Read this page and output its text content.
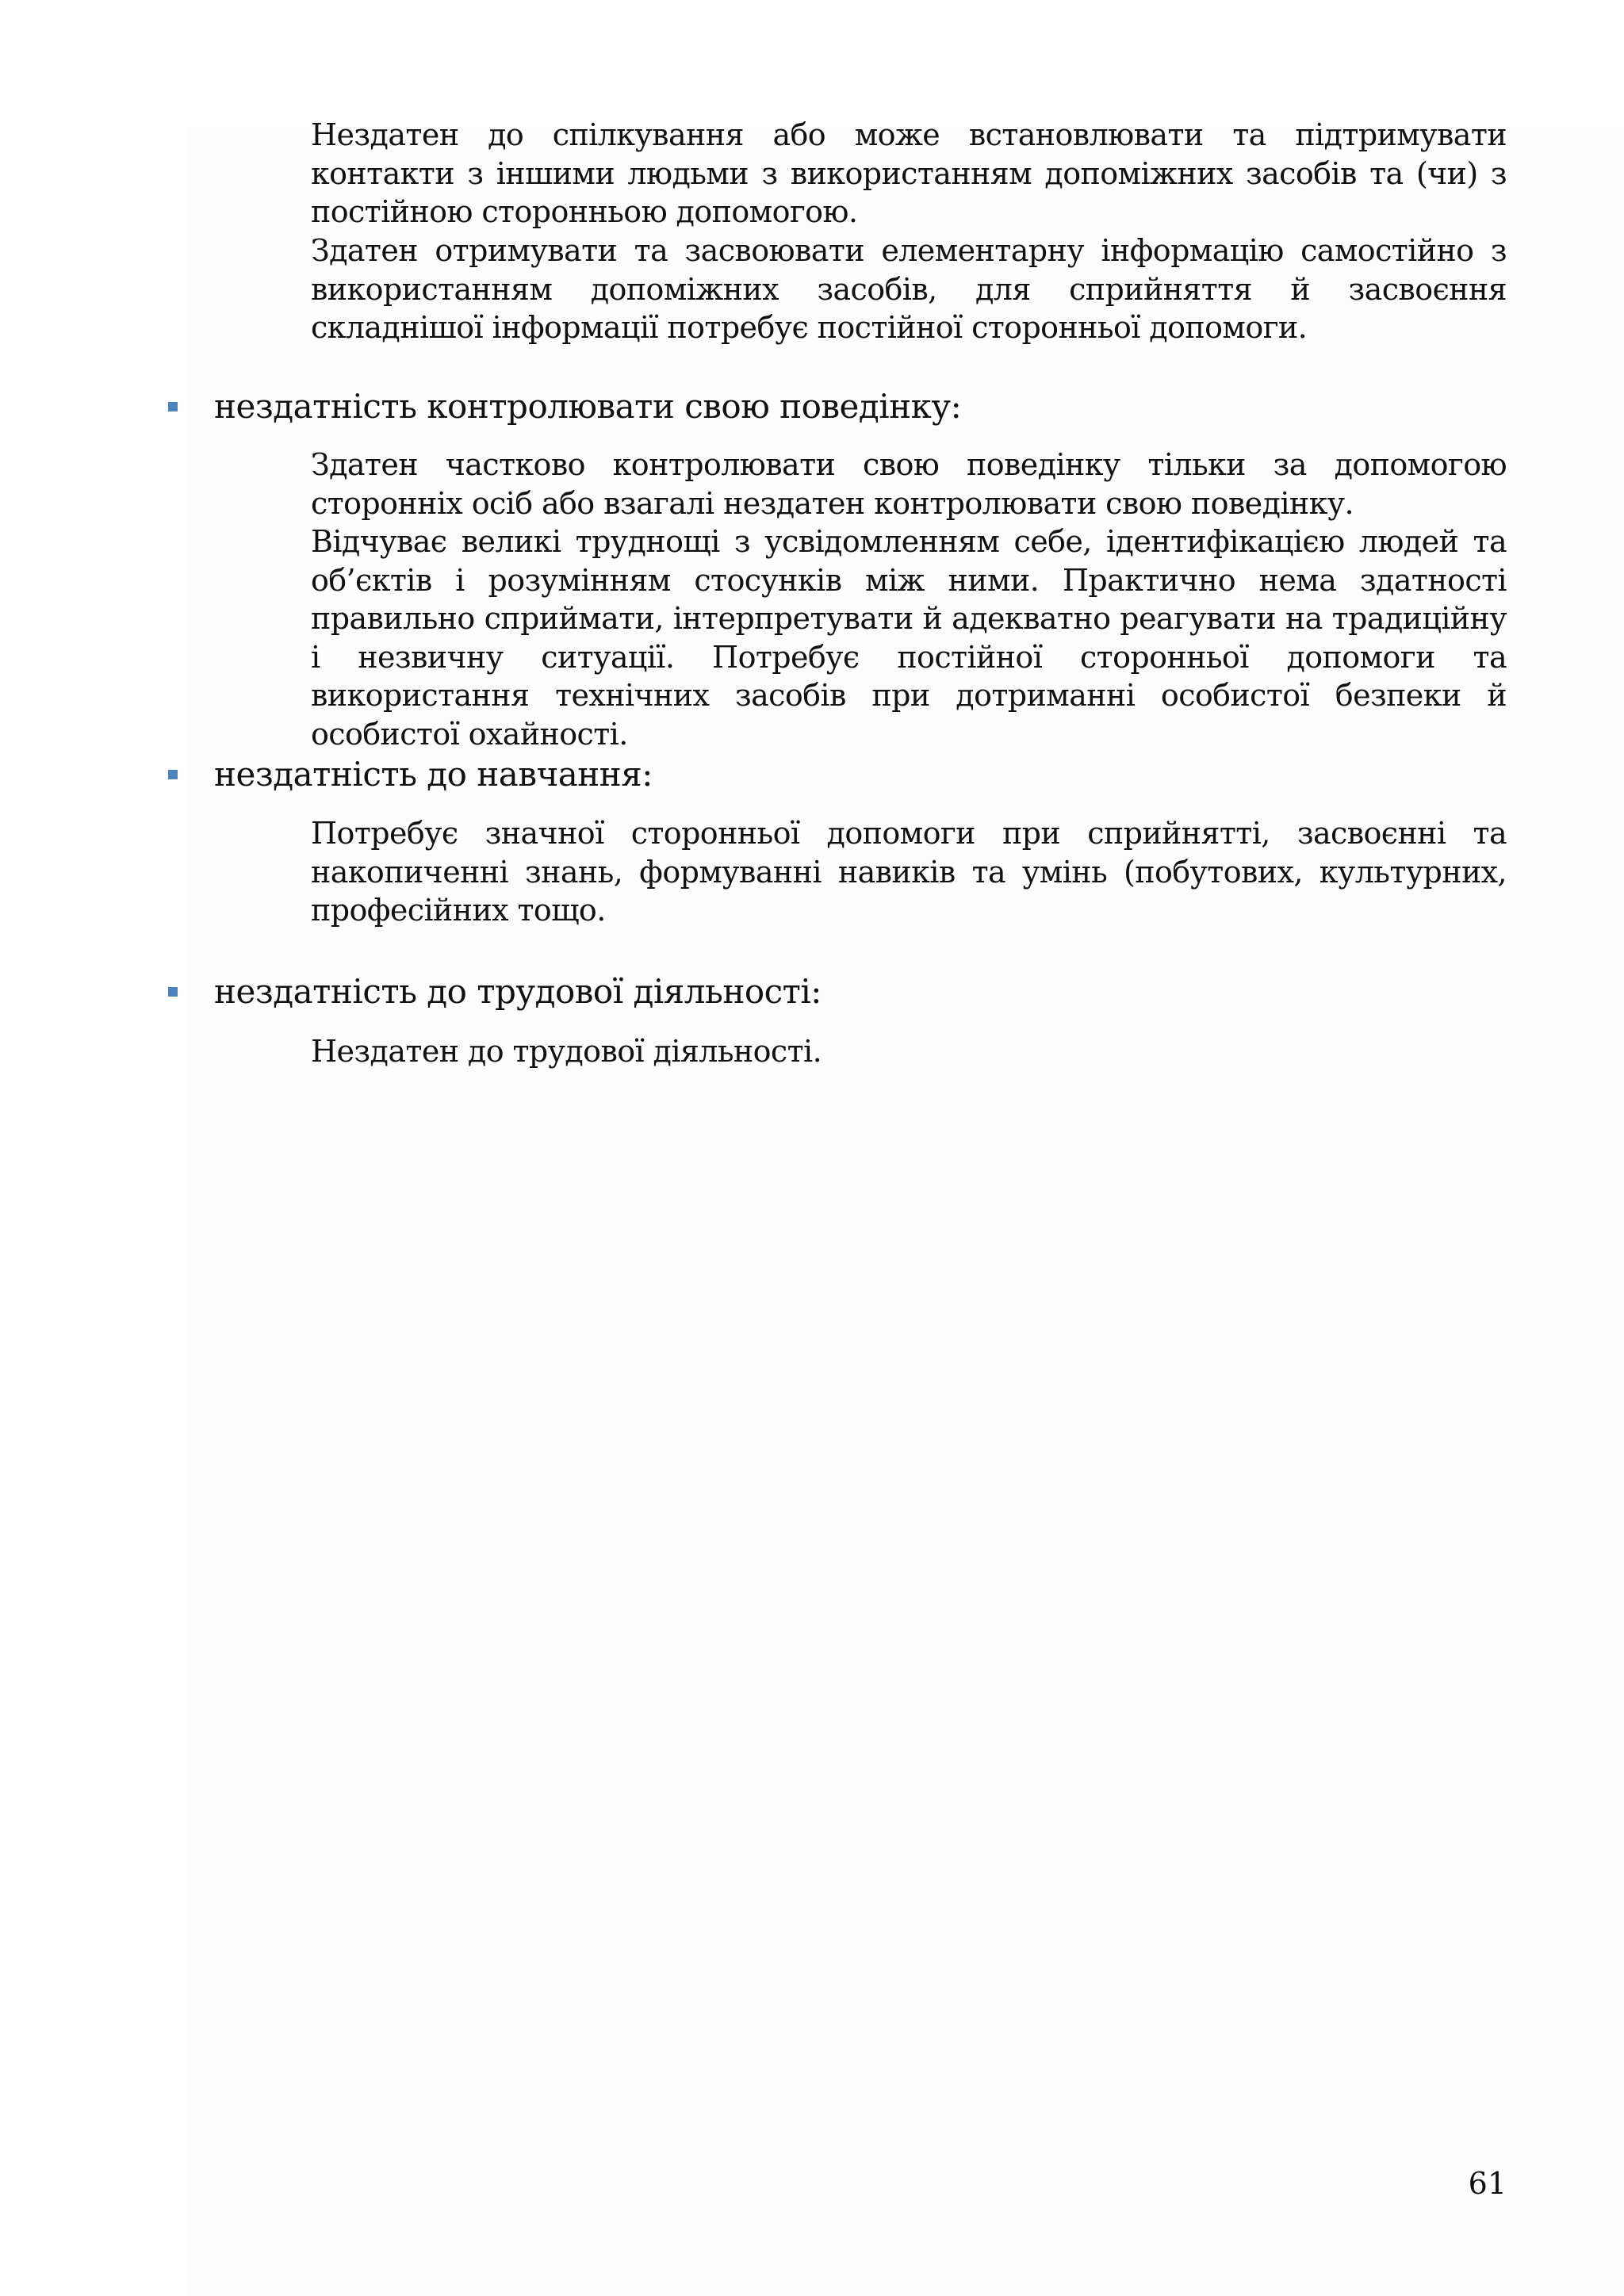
Нездатен до спілкування або може встановлювати та підтримувати контакти з іншими людьми з використанням допоміжних засобів та (чи) з постійною сторонньою допомогою.

Здатен отримувати та засвоювати елементарну інформацію самостійно з використанням допоміжних засобів, для сприйняття й засвоєння складнішої інформації потребує постійної сторонньої допомоги.

нездатність контролювати свою поведінку:

Здатен частково контролювати свою поведінку тільки за допомогою сторонніх осіб або взагалі нездатен контролювати свою поведінку.

Відчуває великі труднощі з усвідомленням себе, ідентифікацією людей та об’єктів і розумінням стосунків між ними. Практично нема здатності правильно сприймати, інтерпретувати й адекватно реагувати на традиційну і незвичну ситуації. Потребує постійної сторонньої допомоги та використання технічних засобів при дотриманні особистої безпеки й особистої охайності.

нездатність до навчання:

Потребує значної сторонньої допомоги при сприйнятті, засвоєнні та накопиченні знань, формуванні навиків та умінь (побутових, культурних, професійних тощо.

нездатність до трудової діяльності:

Нездатен до трудової діяльності.

61
